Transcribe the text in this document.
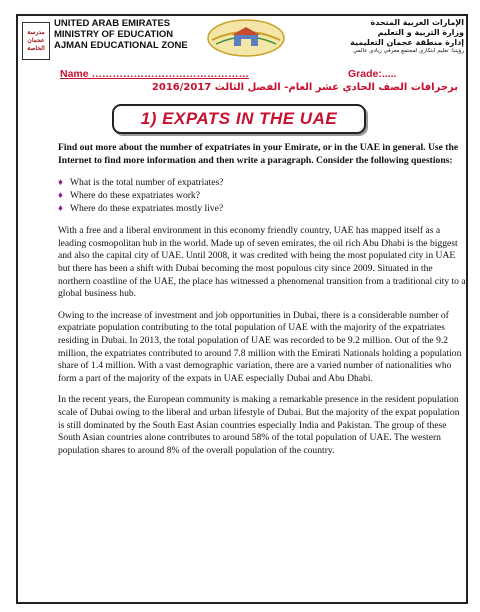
مدرسة
عجمان
الخاصة
UNITED ARAB EMIRATES
MINISTRY OF EDUCATION
AJMAN EDUCATIONAL ZONE
الإمارات العربية المتحدة
وزارة التربية و التعليم
إدارة منطقة عجمان التعليمية
رؤيتنا: تعليم ابتكاري لمجتمع معرفي ريادي عالمي
Name ………………………………………	Grade:.....
برجرافات الصف الحادي عشر العام- الفصل الثالث 2016/2017
1) EXPATS IN THE UAE

Find out more about the number of expatriates in your Emirate, or in the UAE in general. Use the Internet to find more information and then write a paragraph. Consider the following questions:

♦ What is the total number of expatriates?
♦ Where do these expatriates work?
♦ Where do these expatriates mostly live?

With a free and a liberal environment in this economy friendly country, UAE has mapped itself as a leading cosmopolitan hub in the world. Made up of seven emirates, the oil rich Abu Dhabi is the biggest and also the capital city of UAE. Until 2008, it was credited with being the most populated city in UAE but there has been a shift with Dubai becoming the most populous city since 2009. Situated in the northern coastline of the UAE, the place has witnessed a phenomenal transition from a traditional city to a global business hub.

Owing to the increase of investment and job opportunities in Dubai, there is a considerable number of expatriate population contributing to the total population of UAE with the majority of the expatriates residing in Dubai. In 2013, the total population of UAE was recorded to be 9.2 million. Out of the 9.2 million, the expatriates contributed to around 7.8 million with the Emirati Nationals holding a population share of 1.4 million. With a vast demographic variation, there are a varied number of nationalities who form a part of the majority of the expats in UAE especially Dubai and Abu Dhabi.

In the recent years, the European community is making a remarkable presence in the resident population scale of Dubai owing to the liberal and urban lifestyle of Dubai. But the majority of the expat population is still dominated by the South East Asian countries especially India and Pakistan. The group of these South Asian countries alone contributes to around 58% of the total population of UAE. The western population shares to around 8% of the overall population of the country.
